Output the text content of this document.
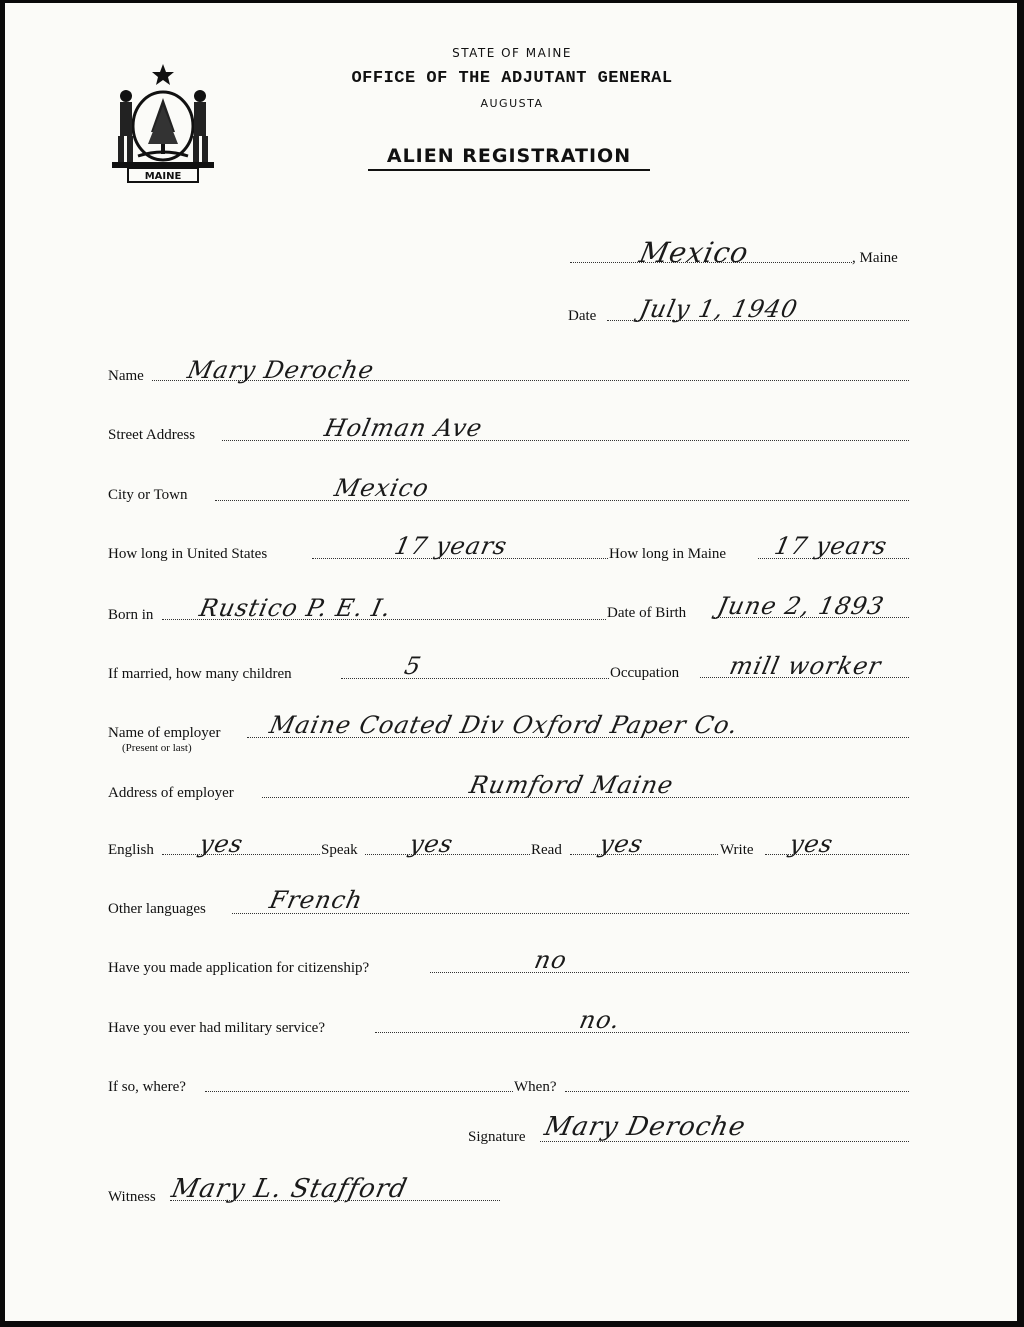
MAINE
STATE OF MAINE
OFFICE OF THE ADJUTANT GENERAL
AUGUSTA
ALIEN REGISTRATION
Mexico	, Maine
Date July 1, 1940
Name Mary Deroche
Street Address	Holman Ave
City or Town	Mexico
How long in United States	17 years	How long in Maine 17 years
Born in Rustico P. E. I.	Date of Birth June 2, 1893
If married, how many children	5	Occupation mill worker
Name of employer
(Present or last)
Maine Coated Div Oxford Paper Co.
Address of employer	Rumford Maine
English yes	Speak yes	Read yes	Write yes
Other languages	French
Have you made application for citizenship?	no
Have you ever had military service?	no.
If so, where?	When?
Signature Mary Deroche
Witness Mary L. Stafford
